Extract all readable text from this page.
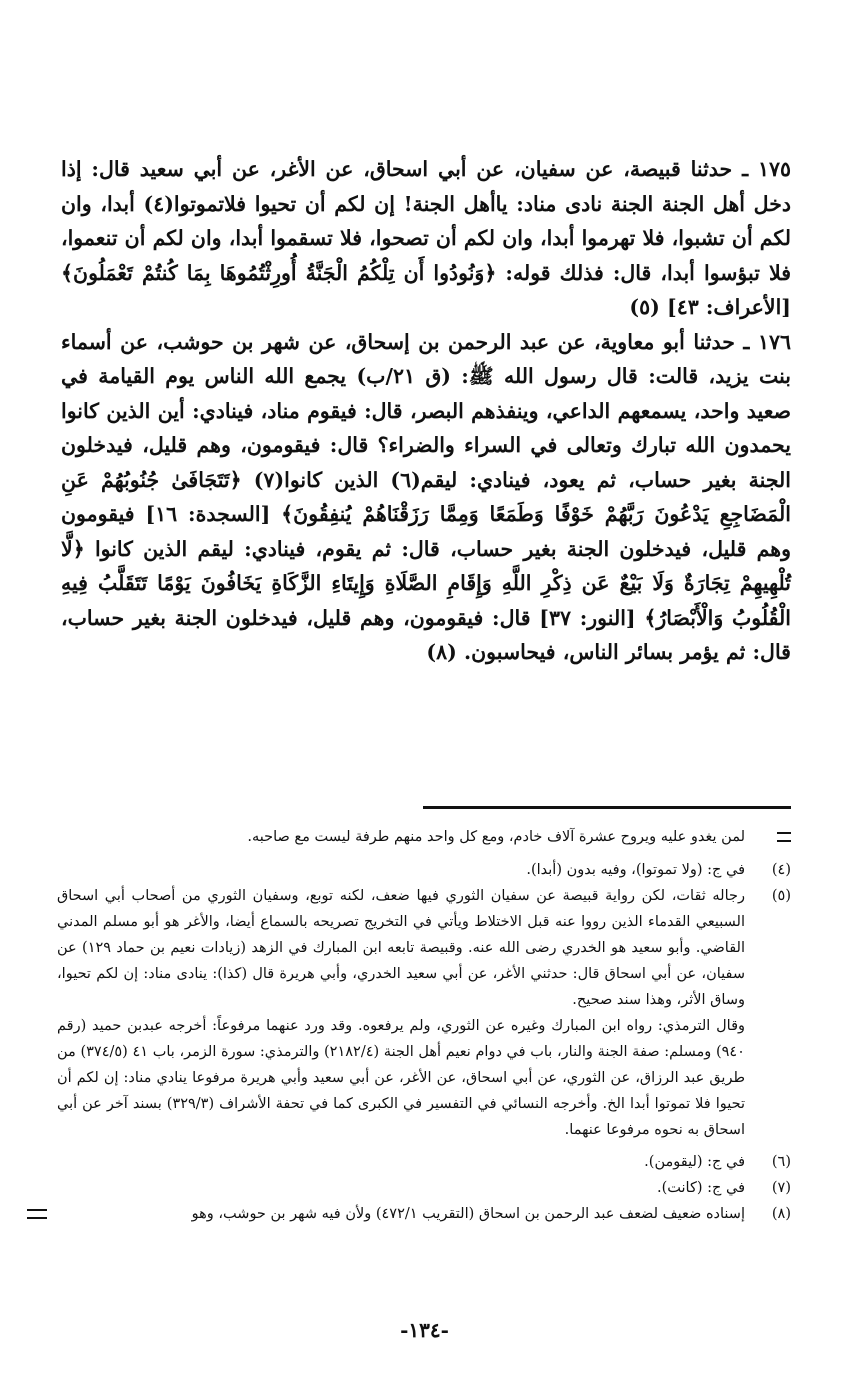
١٧٥ ـ حدثنا قبيصة، عن سفيان، عن أبي اسحاق، عن الأغر، عن أبي سعيد قال: إذا دخل أهل الجنة الجنة نادى مناد: ياأهل الجنة! إن لكم أن تحيوا فلاتموتوا(٤) أبدا، وان لكم أن تشبوا، فلا تهرموا أبدا، وان لكم أن تصحوا، فلا تسقموا أبدا، وان لكم أن تنعموا، فلا تبؤسوا أبدا، قال: فذلك قوله: ﴿وَنُودُوا أَن تِلْكُمُ الْجَنَّةُ أُورِثْتُمُوهَا بِمَا كُنتُمْ تَعْمَلُونَ﴾ [الأعراف: ٤٣] (٥)

١٧٦ ـ حدثنا أبو معاوية، عن عبد الرحمن بن إسحاق، عن شهر بن حوشب، عن أسماء بنت يزيد، قالت: قال رسول الله ﷺ: (ق ٢١/ب) يجمع الله الناس يوم القيامة في صعيد واحد، يسمعهم الداعي، وينفذهم البصر، قال: فيقوم مناد، فينادي: أين الذين كانوا يحمدون الله تبارك وتعالى في السراء والضراء؟ قال: فيقومون، وهم قليل، فيدخلون الجنة بغير حساب، ثم يعود، فينادي: ليقم(٦) الذين كانوا(٧) ﴿تَتَجَافَىٰ جُنُوبُهُمْ عَنِ الْمَضَاجِعِ يَدْعُونَ رَبَّهُمْ خَوْفًا وَطَمَعًا وَمِمَّا رَزَقْنَاهُمْ يُنفِقُونَ﴾ [السجدة: ١٦] فيقومون وهم قليل، فيدخلون الجنة بغير حساب، قال: ثم يقوم، فينادي: ليقم الذين كانوا ﴿لَّا تُلْهِيهِمْ تِجَارَةٌ وَلَا بَيْعٌ عَن ذِكْرِ اللَّهِ وَإِقَامِ الصَّلَاةِ وَإِيتَاءِ الزَّكَاةِ يَخَافُونَ يَوْمًا تَتَقَلَّبُ فِيهِ الْقُلُوبُ وَالْأَبْصَارُ﴾ [النور: ٣٧] قال: فيقومون، وهم قليل، فيدخلون الجنة بغير حساب، قال: ثم يؤمر بسائر الناس، فيحاسبون. (٨)

لمن يغدو عليه ويروح عشرة آلاف خادم، ومع كل واحد منهم طرفة ليست مع صاحبه.
(٤)
في ج: (ولا تموتوا)، وفيه بدون (أبدا).
(٥)
رجاله ثقات، لكن رواية قبيصة عن سفيان الثوري فيها ضعف، لكنه توبع، وسفيان الثوري من أصحاب أبي اسحاق السبيعي القدماء الذين رووا عنه قبل الاختلاط ويأتي في التخريج تصريحه بالسماع أيضا، والأغر هو أبو مسلم المدني القاضي. وأبو سعيد هو الخدري رضى الله عنه. وقبيصة تابعه ابن المبارك في الزهد (زيادات نعيم بن حماد ١٢٩) عن سفيان، عن أبي اسحاق قال: حدثني الأغر، عن أبي سعيد الخدري، وأبي هريرة قال (كذا): ينادى مناد: إن لكم تحيوا، وساق الأثر، وهذا سند صحيح.
وقال الترمذي: رواه ابن المبارك وغيره عن الثوري، ولم يرفعوه. وقد ورد عنهما مرفوعاً: أخرجه عبدبن حميد (رقم ٩٤٠) ومسلم: صفة الجنة والنار، باب في دوام نعيم أهل الجنة (٢١٨٢/٤) والترمذي: سورة الزمر، باب ٤١ (٣٧٤/٥) من طريق عبد الرزاق، عن الثوري، عن أبي اسحاق، عن الأغر، عن أبي سعيد وأبي هريرة مرفوعا ينادي مناد: إن لكم أن تحيوا فلا تموتوا أبدا الخ. وأخرجه النسائي في التفسير في الكبرى كما في تحفة الأشراف (٣٢٩/٣) بسند آخر عن أبي اسحاق به نحوه مرفوعا عنهما.
(٦)
في ج: (ليقومن).
(٧)
في ج: (كانت).
(٨)
إسناده ضعيف لضعف عبد الرحمن بن اسحاق (التقريب ٤٧٢/١) ولأن فيه شهر بن حوشب، وهو
-١٣٤-
